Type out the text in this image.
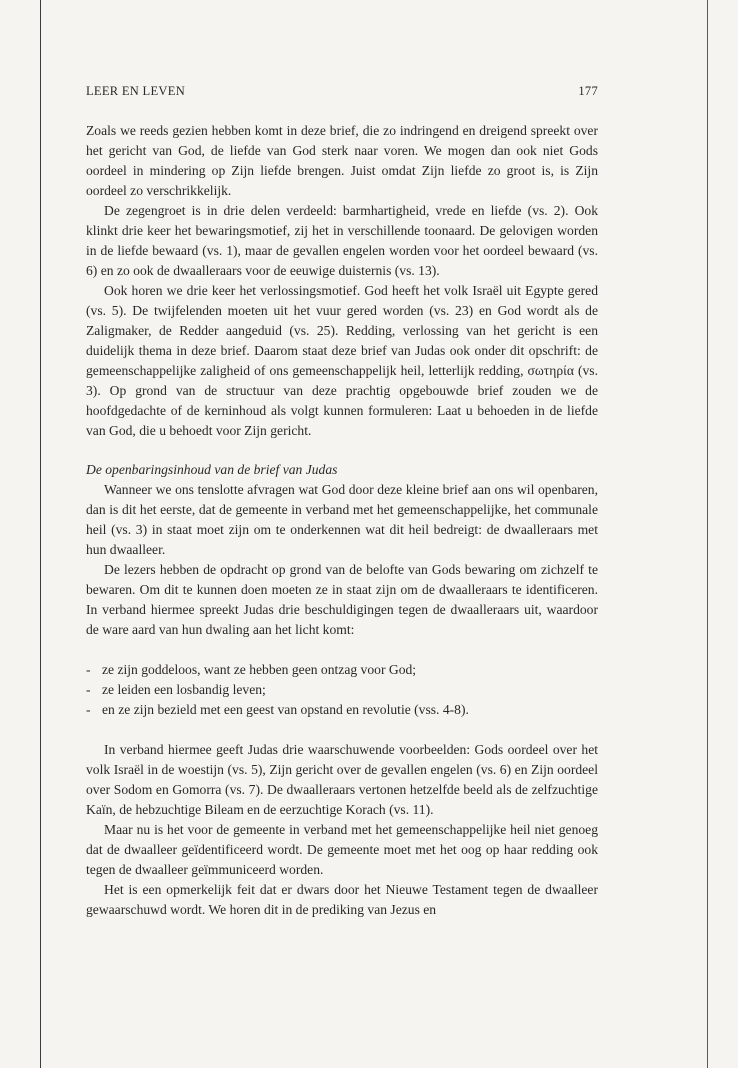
LEER EN LEVEN	177

Zoals we reeds gezien hebben komt in deze brief, die zo indringend en dreigend spreekt over het gericht van God, de liefde van God sterk naar voren. We mogen dan ook niet Gods oordeel in mindering op Zijn liefde brengen. Juist omdat Zijn liefde zo groot is, is Zijn oordeel zo verschrikkelijk.

De zegengroet is in drie delen verdeeld: barmhartigheid, vrede en liefde (vs. 2). Ook klinkt drie keer het bewaringsmotief, zij het in verschillende toonaard. De gelovigen worden in de liefde bewaard (vs. 1), maar de gevallen engelen worden voor het oordeel bewaard (vs. 6) en zo ook de dwaalleraars voor de eeuwige duisternis (vs. 13).

Ook horen we drie keer het verlossingsmotief. God heeft het volk Israël uit Egypte gered (vs. 5). De twijfelenden moeten uit het vuur gered worden (vs. 23) en God wordt als de Zaligmaker, de Redder aangeduid (vs. 25). Redding, verlossing van het gericht is een duidelijk thema in deze brief. Daarom staat deze brief van Judas ook onder dit opschrift: de gemeenschappelijke zaligheid of ons gemeenschappelijk heil, letterlijk redding, σωτηρία (vs. 3). Op grond van de structuur van deze prachtig opgebouwde brief zouden we de hoofdgedachte of de kerninhoud als volgt kunnen formuleren: Laat u behoeden in de liefde van God, die u behoedt voor Zijn gericht.

De openbaringsinhoud van de brief van Judas

Wanneer we ons tenslotte afvragen wat God door deze kleine brief aan ons wil openbaren, dan is dit het eerste, dat de gemeente in verband met het gemeenschappelijke, het communale heil (vs. 3) in staat moet zijn om te onderkennen wat dit heil bedreigt: de dwaalleraars met hun dwaalleer.

De lezers hebben de opdracht op grond van de belofte van Gods bewaring om zichzelf te bewaren. Om dit te kunnen doen moeten ze in staat zijn om de dwaalleraars te identificeren. In verband hiermee spreekt Judas drie beschuldigingen tegen de dwaalleraars uit, waardoor de ware aard van hun dwaling aan het licht komt:

- ze zijn goddeloos, want ze hebben geen ontzag voor God;
- ze leiden een losbandig leven;
- en ze zijn bezield met een geest van opstand en revolutie (vss. 4-8).

In verband hiermee geeft Judas drie waarschuwende voorbeelden: Gods oordeel over het volk Israël in de woestijn (vs. 5), Zijn gericht over de gevallen engelen (vs. 6) en Zijn oordeel over Sodom en Gomorra (vs. 7). De dwaalleraars vertonen hetzelfde beeld als de zelfzuchtige Kaïn, de hebzuchtige Bileam en de eerzuchtige Korach (vs. 11).

Maar nu is het voor de gemeente in verband met het gemeenschappelijke heil niet genoeg dat de dwaalleer geïdentificeerd wordt. De gemeente moet met het oog op haar redding ook tegen de dwaalleer geïmmuniceerd worden.

Het is een opmerkelijk feit dat er dwars door het Nieuwe Testament tegen de dwaalleer gewaarschuwd wordt. We horen dit in de prediking van Jezus en
